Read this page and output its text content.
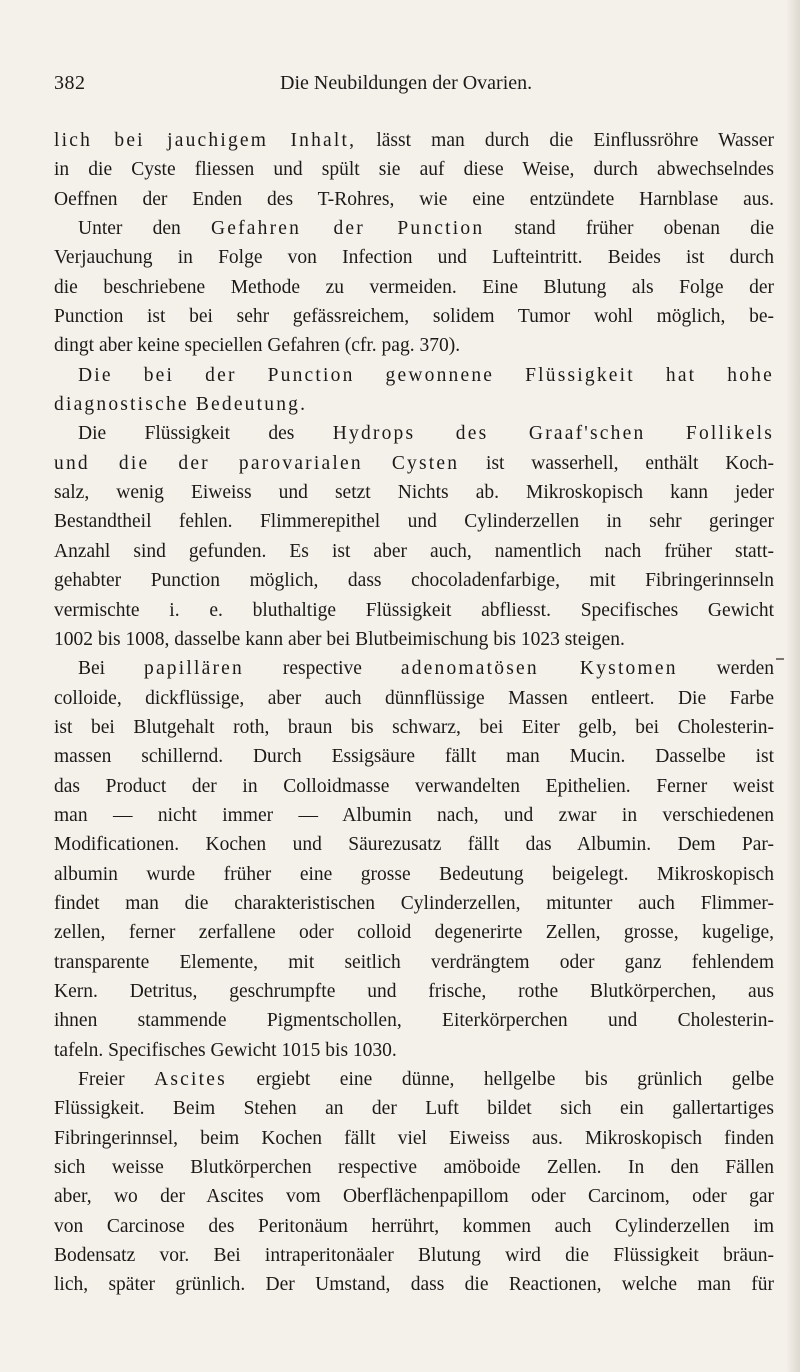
382	Die Neubildungen der Ovarien.
lich bei jauchigem Inhalt, lässt man durch die Einflussröhre Wasser
in die Cyste fliessen und spült sie auf diese Weise, durch abwechselndes
Oeffnen der Enden des T-Rohres, wie eine entzündete Harnblase aus.
Unter den Gefahren der Punction stand früher obenan die
Verjauchung in Folge von Infection und Lufteintritt. Beides ist durch
die beschriebene Methode zu vermeiden. Eine Blutung als Folge der
Punction ist bei sehr gefässreichem, solidem Tumor wohl möglich, be-
dingt aber keine speciellen Gefahren (cfr. pag. 370).
Die bei der Punction gewonnene Flüssigkeit hat hohe
diagnostische Bedeutung.
Die Flüssigkeit des Hydrops des Graaf'schen Follikels
und die der parovarialen Cysten ist wasserhell, enthält Koch-
salz, wenig Eiweiss und setzt Nichts ab. Mikroskopisch kann jeder
Bestandtheil fehlen. Flimmerepithel und Cylinderzellen in sehr geringer
Anzahl sind gefunden. Es ist aber auch, namentlich nach früher statt-
gehabter Punction möglich, dass chocoladenfarbige, mit Fibringerinnseln
vermischte i. e. bluthaltige Flüssigkeit abfliesst. Specifisches Gewicht
1002 bis 1008, dasselbe kann aber bei Blutbeimischung bis 1023 steigen.
Bei papillären respective adenomatösen Kystomen werden
colloide, dickflüssige, aber auch dünnflüssige Massen entleert. Die Farbe
ist bei Blutgehalt roth, braun bis schwarz, bei Eiter gelb, bei Cholesterin-
massen schillernd. Durch Essigsäure fällt man Mucin. Dasselbe ist
das Product der in Colloidmasse verwandelten Epithelien. Ferner weist
man — nicht immer — Albumin nach, und zwar in verschiedenen
Modificationen. Kochen und Säurezusatz fällt das Albumin. Dem Par-
albumin wurde früher eine grosse Bedeutung beigelegt. Mikroskopisch
findet man die charakteristischen Cylinderzellen, mitunter auch Flimmer-
zellen, ferner zerfallene oder colloid degenerirte Zellen, grosse, kugelige,
transparente Elemente, mit seitlich verdrängtem oder ganz fehlendem
Kern. Detritus, geschrumpfte und frische, rothe Blutkörperchen, aus
ihnen stammende Pigmentschollen, Eiterkörperchen und Cholesterin-
tafeln. Specifisches Gewicht 1015 bis 1030.
Freier Ascites ergiebt eine dünne, hellgelbe bis grünlich gelbe
Flüssigkeit. Beim Stehen an der Luft bildet sich ein gallertartiges
Fibringerinnsel, beim Kochen fällt viel Eiweiss aus. Mikroskopisch finden
sich weisse Blutkörperchen respective amöboide Zellen. In den Fällen
aber, wo der Ascites vom Oberflächenpapillom oder Carcinom, oder gar
von Carcinose des Peritonäum herrührt, kommen auch Cylinderzellen im
Bodensatz vor. Bei intraperitonäaler Blutung wird die Flüssigkeit bräun-
lich, später grünlich. Der Umstand, dass die Reactionen, welche man für
